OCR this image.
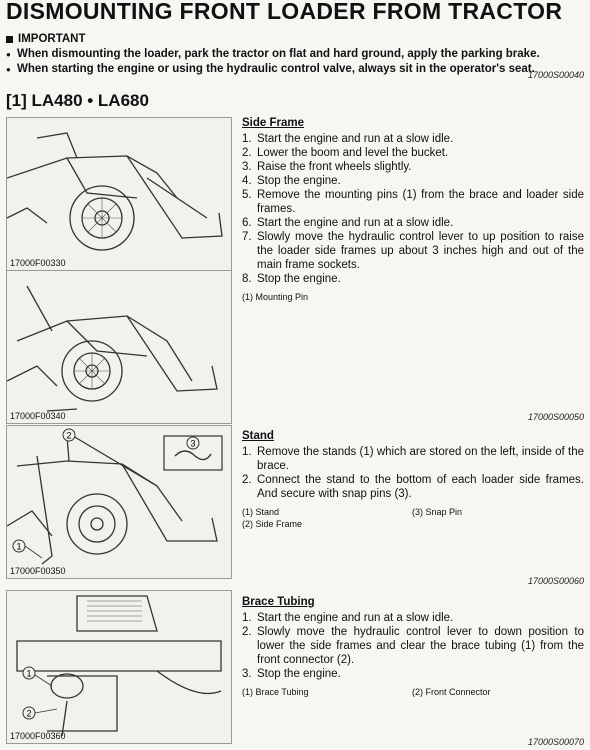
DISMOUNTING FRONT LOADER FROM TRACTOR
IMPORTANT
● When dismounting the loader, park the tractor on flat and hard ground, apply the parking brake.
● When starting the engine or using the hydraulic control valve, always sit in the operator's seat.
17000S00040
[1] LA480 • LA680
17000F00330
17000F00340
2
3
1
17000F00350
1
2
17000F00360
Side Frame
1. Start the engine and run at a slow idle.
2. Lower the boom and level the bucket.
3. Raise the front wheels slightly.
4. Stop the engine.
5. Remove the mounting pins (1) from the brace and loader side frames.
6. Start the engine and run at a slow idle.
7. Slowly move the hydraulic control lever to up position to raise the loader side frames up about 3 inches high and out of the main frame sockets.
8. Stop the engine.
(1) Mounting Pin
17000S00050
Stand
1. Remove the stands (1) which are stored on the left, inside of the brace.
2. Connect the stand to the bottom of each loader side frames. And secure with snap pins (3).
(1) Stand	(3) Snap Pin
(2) Side Frame
17000S00060
Brace Tubing
1. Start the engine and run at a slow idle.
2. Slowly move the hydraulic control lever to down position to lower the side frames and clear the brace tubing (1) from the front connector (2).
3. Stop the engine.
(1) Brace Tubing	(2) Front Connector
17000S00070
